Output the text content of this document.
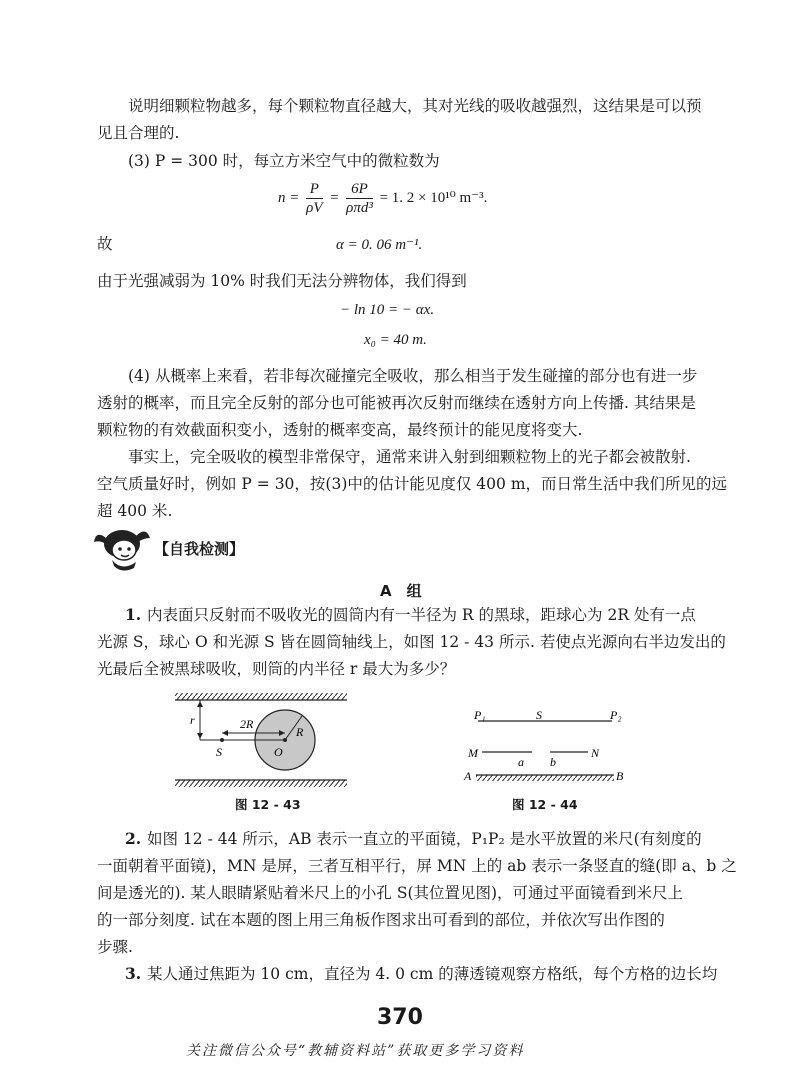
说明细颗粒物越多，每个颗粒物直径越大，其对光线的吸收越强烈，这结果是可以预
见且合理的.
(3) P = 300 时，每立方米空气中的微粒数为
$n = \frac{P}{\rho V} = \frac{6P}{\text{ρπd³}} = 1$. 2 × 10¹⁰ m⁻³.
故	α = 0. 06 m⁻¹.
由于光强减弱为 10% 时我们无法分辨物体，我们得到
− ln 10 = − αx.
x₀ = 40 m.
(4) 从概率上来看，若非每次碰撞完全吸收，那么相当于发生碰撞的部分也有进一步
透射的概率，而且完全反射的部分也可能被再次反射而继续在透射方向上传播. 其结果是
颗粒物的有效截面积变小，透射的概率变高，最终预计的能见度将变大.
事实上，完全吸收的模型非常保守，通常来讲入射到细颗粒物上的光子都会被散射.
空气质量好时，例如 P = 30，按(3)中的估计能见度仅 400 m，而日常生活中我们所见的远
超 400 米.
【自我检测】
A　组
1. 内表面只反射而不吸收光的圆筒内有一半径为 R 的黑球，距球心为 2R 处有一点
光源 S，球心 O 和光源 S 皆在圆筒轴线上，如图 12 - 43 所示. 若使点光源向右半边发出的
光最后全被黑球吸收，则筒的内半径 r 最大为多少？
r	2R
R
S	O
图 12 - 43
P₁	S	P₂
M	N
a b
A	B
图 12 - 44
2. 如图 12 - 44 所示，AB 表示一直立的平面镜，P₁P₂ 是水平放置的米尺(有刻度的
一面朝着平面镜)，MN 是屏，三者互相平行，屏 MN 上的 ab 表示一条竖直的缝(即 a、b 之
间是透光的). 某人眼睛紧贴着米尺上的小孔 S(其位置见图)，可通过平面镜看到米尺上
的一部分刻度. 试在本题的图上用三角板作图求出可看到的部位，并依次写出作图的
步骤.
3. 某人通过焦距为 10 cm，直径为 4. 0 cm 的薄透镜观察方格纸，每个方格的边长均
370
关注微信公众号“教辅资料站”获取更多学习资料
